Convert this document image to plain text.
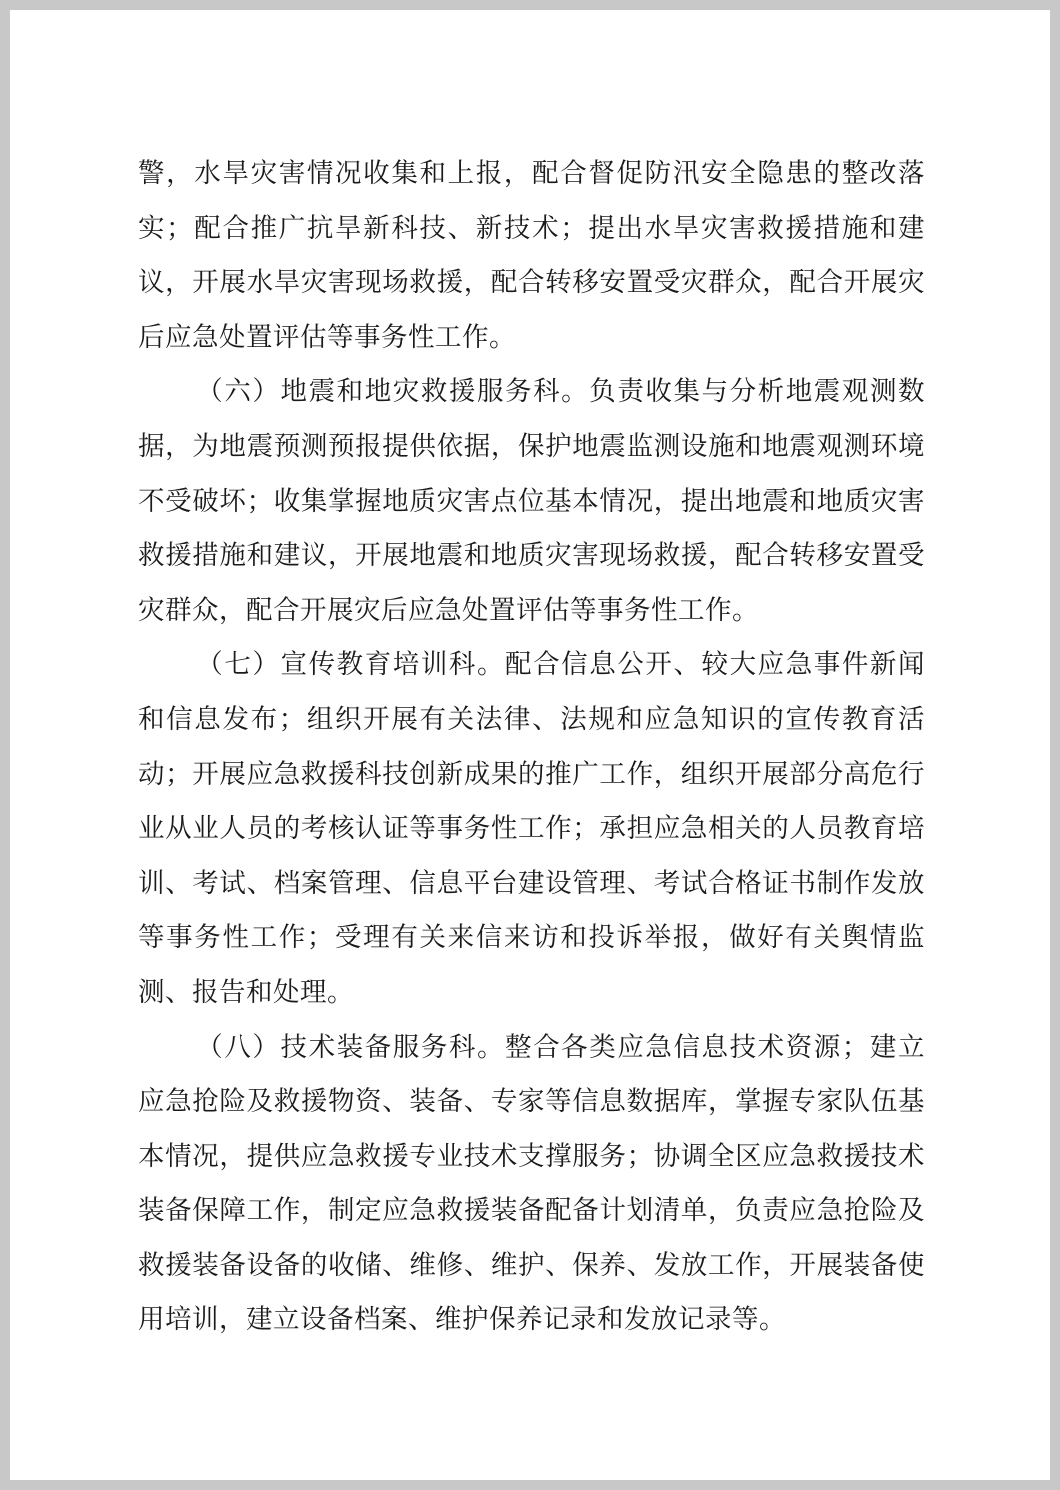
警，水旱灾害情况收集和上报，配合督促防汛安全隐患的整改落实；配合推广抗旱新科技、新技术；提出水旱灾害救援措施和建议，开展水旱灾害现场救援，配合转移安置受灾群众，配合开展灾后应急处置评估等事务性工作。

（六）地震和地灾救援服务科。负责收集与分析地震观测数据，为地震预测预报提供依据，保护地震监测设施和地震观测环境不受破坏；收集掌握地质灾害点位基本情况，提出地震和地质灾害救援措施和建议，开展地震和地质灾害现场救援，配合转移安置受灾群众，配合开展灾后应急处置评估等事务性工作。

（七）宣传教育培训科。配合信息公开、较大应急事件新闻和信息发布；组织开展有关法律、法规和应急知识的宣传教育活动；开展应急救援科技创新成果的推广工作，组织开展部分高危行业从业人员的考核认证等事务性工作；承担应急相关的人员教育培训、考试、档案管理、信息平台建设管理、考试合格证书制作发放等事务性工作；受理有关来信来访和投诉举报，做好有关舆情监测、报告和处理。

（八）技术装备服务科。整合各类应急信息技术资源；建立应急抢险及救援物资、装备、专家等信息数据库，掌握专家队伍基本情况，提供应急救援专业技术支撑服务；协调全区应急救援技术装备保障工作，制定应急救援装备配备计划清单，负责应急抢险及救援装备设备的收储、维修、维护、保养、发放工作，开展装备使用培训，建立设备档案、维护保养记录和发放记录等。
